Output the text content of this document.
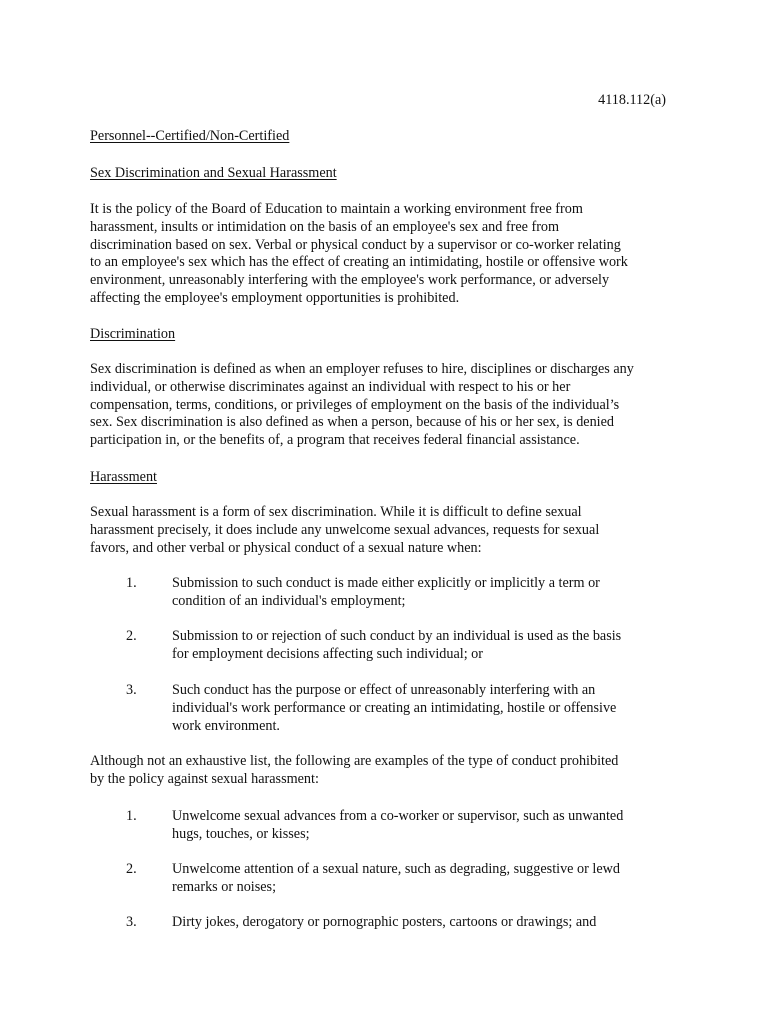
4118.112(a)

Personnel--Certified/Non-Certified

Sex Discrimination and Sexual Harassment

It is the policy of the Board of Education to maintain a working environment free from
harassment, insults or intimidation on the basis of an employee's sex and free from
discrimination based on sex. Verbal or physical conduct by a supervisor or co-worker relating
to an employee's sex which has the effect of creating an intimidating, hostile or offensive work
environment, unreasonably interfering with the employee's work performance, or adversely
affecting the employee's employment opportunities is prohibited.

Discrimination

Sex discrimination is defined as when an employer refuses to hire, disciplines or discharges any
individual, or otherwise discriminates against an individual with respect to his or her
compensation, terms, conditions, or privileges of employment on the basis of the individual’s
sex. Sex discrimination is also defined as when a person, because of his or her sex, is denied
participation in, or the benefits of, a program that receives federal financial assistance.

Harassment

Sexual harassment is a form of sex discrimination. While it is difficult to define sexual
harassment precisely, it does include any unwelcome sexual advances, requests for sexual
favors, and other verbal or physical conduct of a sexual nature when:
1. Submission to such conduct is made either explicitly or implicitly a term or
condition of an individual's employment;
2. Submission to or rejection of such conduct by an individual is used as the basis
for employment decisions affecting such individual; or
3. Such conduct has the purpose or effect of unreasonably interfering with an
individual's work performance or creating an intimidating, hostile or offensive
work environment.
Although not an exhaustive list, the following are examples of the type of conduct prohibited
by the policy against sexual harassment:
1. Unwelcome sexual advances from a co-worker or supervisor, such as unwanted
hugs, touches, or kisses;
2. Unwelcome attention of a sexual nature, such as degrading, suggestive or lewd
remarks or noises;
3. Dirty jokes, derogatory or pornographic posters, cartoons or drawings; and
